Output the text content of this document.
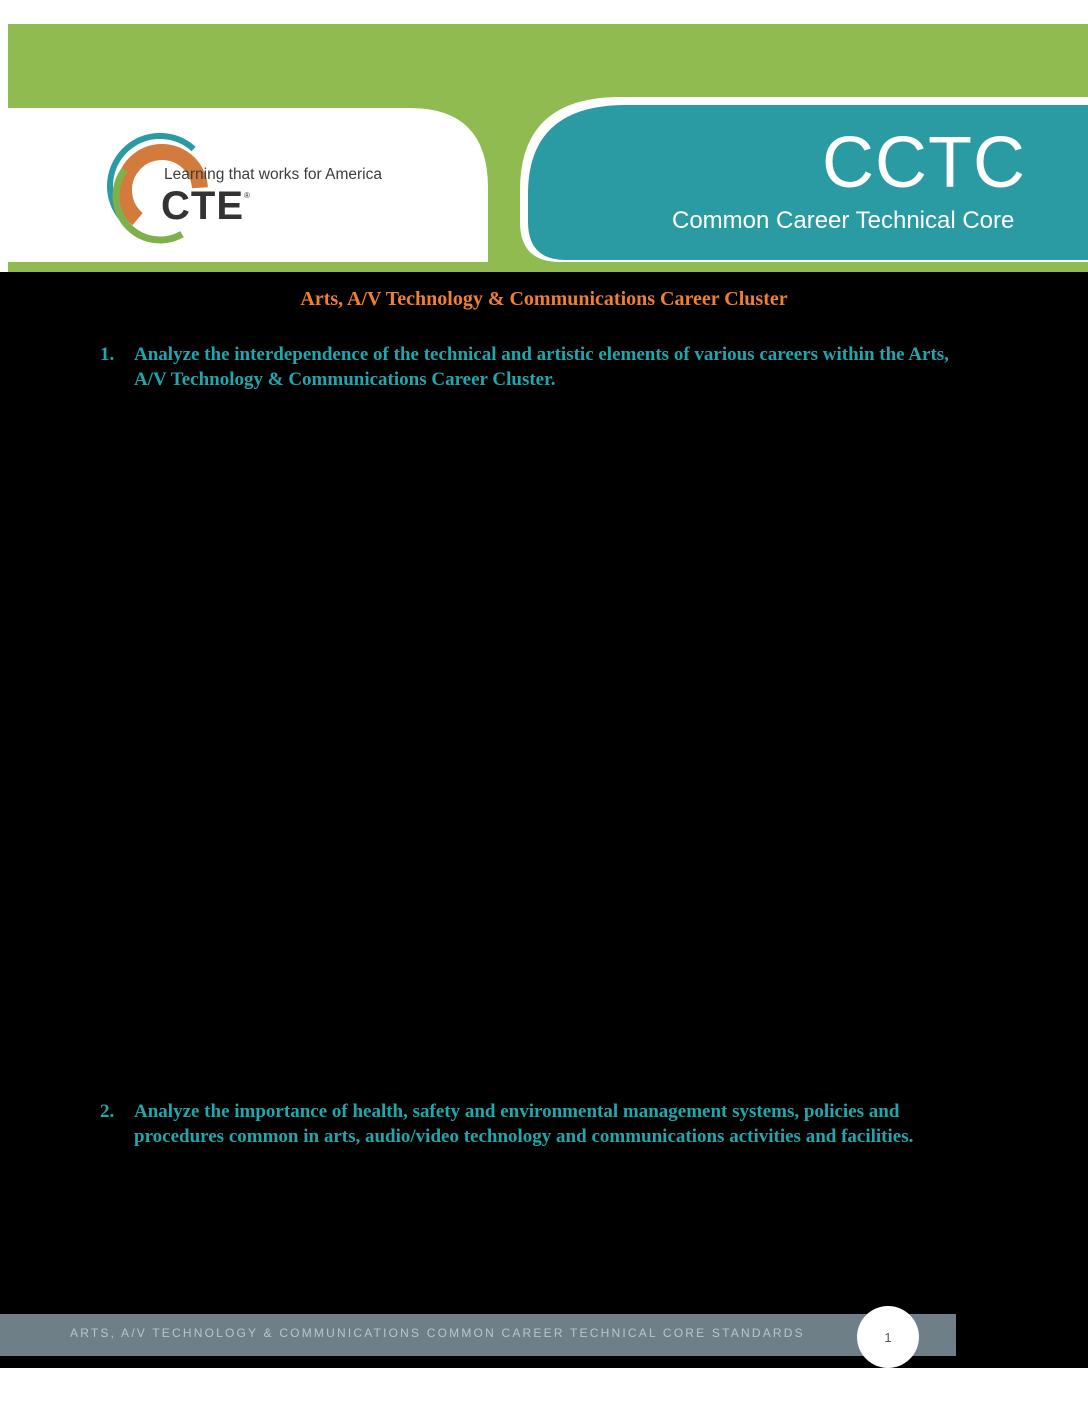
Learning that works for America
CTE ®	CCTC
Common Career Technical Core
Arts, A/V Technology & Communications Career Cluster
1. Analyze the interdependence of the technical and artistic elements of various careers within the Arts, A/V Technology & Communications Career Cluster.
2. Analyze the importance of health, safety and environmental management systems, policies and procedures common in arts, audio/video technology and communications activities and facilities.
ARTS, A/V TECHNOLOGY & COMMUNICATIONS COMMON CAREER TECHNICAL CORE STANDARDS	1
